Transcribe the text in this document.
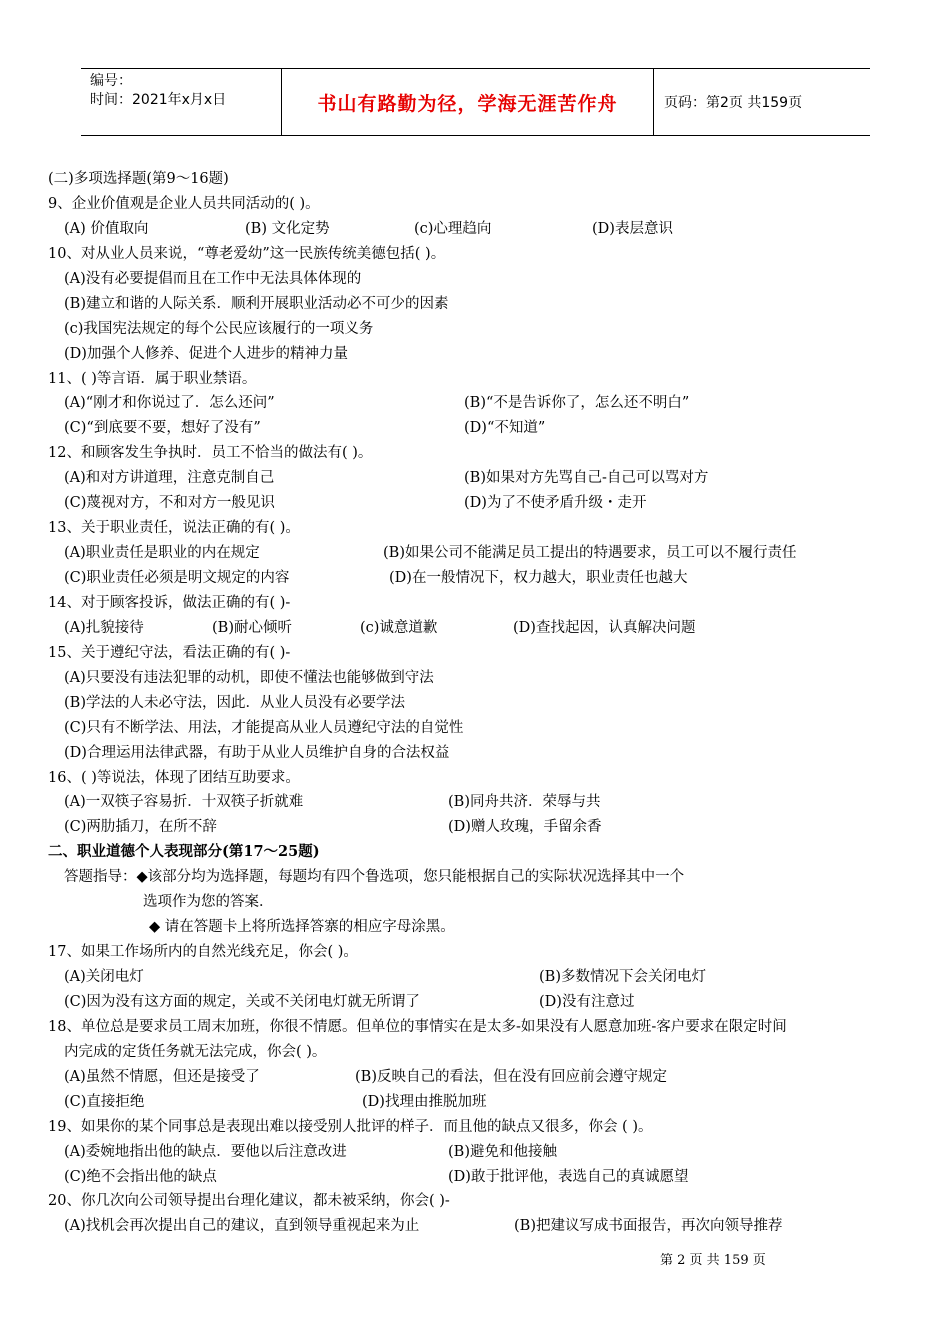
编号：
时间：2021年x月x日	书山有路勤为径，学海无涯苦作舟	页码：第2页 共159页
(二)多项选择题(第9～16题)
9、企业价值观是企业人员共同活动的( )。
(A) 价值取向	(B) 文化定势	(c)心理趋向	(D)表层意识
10、对从业人员来说，“尊老爱幼”这一民族传统美德包括( )。
(A)没有必要提倡而且在工作中无法具体体现的
(B)建立和谐的人际关系．顺利开展职业活动必不可少的因素
(c)我国宪法规定的每个公民应该履行的一项义务
(D)加强个人修养、促进个人进步的精神力量
11、( )等言语．属于职业禁语。
(A)“刚才和你说过了．怎么还问”	(B)“不是告诉你了，怎么还不明白”
(C)“到底要不要，想好了没有”	(D)“不知道”
12、和顾客发生争执时．员工不恰当的做法有( )。
(A)和对方讲道理，注意克制自己	(B)如果对方先骂自己-自己可以骂对方
(C)蔑视对方，不和对方一般见识	(D)为了不使矛盾升级・走开
13、关于职业责任，说法正确的有( )。
(A)职业责任是职业的内在规定	(B)如果公司不能满足员工提出的特遇要求，员工可以不履行责任
(C)职业责任必须是明文规定的内容	(D)在一般情况下，权力越大，职业责任也越大
14、对于顾客投诉，做法正确的有( )-
(A)扎貌接待	(B)耐心倾听	(c)诚意道歉	(D)查找起因，认真解决问题
15、关于遵纪守法，看法正确的有( )-
(A)只要没有违法犯罪的动机，即使不懂法也能够做到守法
(B)学法的人未必守法，因此．从业人员没有必要学法
(C)只有不断学法、用法，才能提高从业人员遵纪守法的自觉性
(D)合理运用法律武器，有助于从业人员维护自身的合法权益
16、( )等说法，体现了团结互助要求。
(A)一双筷子容易折．十双筷子折就难	(B)同舟共济．荣辱与共
(C)两肋插刀，在所不辞	(D)赠人玫瑰，手留余香
二、职业道德个人表现部分(第17～25题)
答题指导：◆该部分均为选择题，每题均有四个鲁选项，您只能根据自己的实际状况选择其中一个
选项作为您的答案．
◆ 请在答题卡上将所选择答寨的相应字母涂黑。
17、如果工作场所内的自然光线充足，你会( )。
(A)关闭电灯	(B)多数情况下会关闭电灯
(C)因为没有这方面的规定，关或不关闭电灯就无所谓了	(D)没有注意过
18、单位总是要求员工周末加班，你很不情愿。但单位的事情实在是太多-如果没有人愿意加班-客户要求在限定时间
内完成的定货任务就无法完成，你会( )。
(A)虽然不情愿，但还是接受了	(B)反映自己的看法，但在没有回应前会遵守规定
(C)直接拒绝	(D)找理由推脱加班
19、如果你的某个同事总是表现出难以接受别人批评的样子．而且他的缺点又很多，你会 ( )。
(A)委婉地指出他的缺点．要他以后注意改进	(B)避免和他接触
(C)绝不会指出他的缺点	(D)敢于批评他，表选自己的真诚愿望
20、你几次向公司领导提出台理化建议，都未被采纳，你会( )-
(A)找机会再次提出自己的建议，直到领导重视起来为止	(B)把建议写成书面报告，再次向领导推荐
第 2 页 共 159 页
